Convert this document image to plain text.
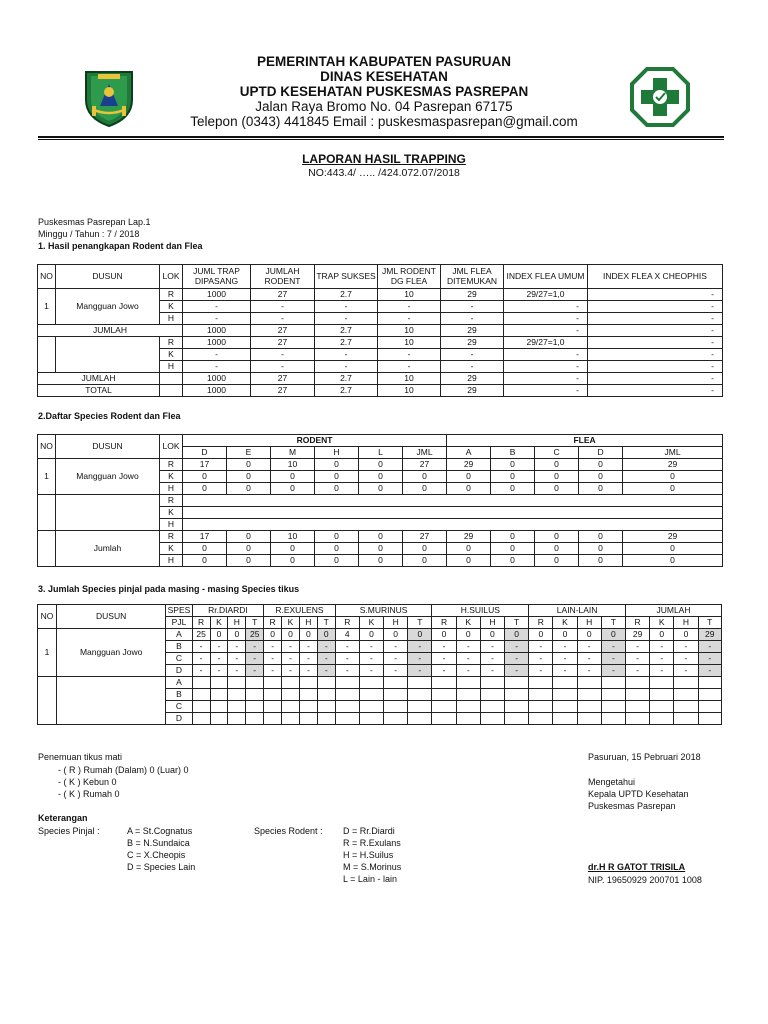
PEMERINTAH KABUPATEN PASURUAN
DINAS KESEHATAN
UPTD KESEHATAN PUSKESMAS PASREPAN
Jalan Raya Bromo No. 04 Pasrepan 67175
Telepon (0343) 441845 Email : puskesmaspasrepan@gmail.com
LAPORAN HASIL TRAPPING
NO:443.4/ ….. /424.072.07/2018
Puskesmas Pasrepan Lap.1
Minggu / Tahun : 7 / 2018
1. Hasil penangkapan Rodent dan Flea
NO	DUSUN	LOK	JUML TRAP DIPASANG	JUMLAH RODENT	TRAP SUKSES	JML RODENT DG FLEA	JML FLEA DITEMUKAN	INDEX FLEA UMUM	INDEX FLEA X CHEOPHIS
1	Mangguan Jowo	R	1000	27	2.7	10	29	29/27=1,0	-
		K	-	-	-	-	-	-	-
		H	-	-	-	-	-	-	-
JUMLAH			1000	27	2.7	10	29	-	-
		R	1000	27	2.7	10	29	29/27=1,0	-
		K	-	-	-	-	-	-	-
		H	-	-	-	-	-	-	-
JUMLAH			1000	27	2.7	10	29	-	-
TOTAL			1000	27	2.7	10	29	-	-
2.Daftar Species Rodent dan Flea
NO	DUSUN	LOK	RODENT						FLEA				
			D	E	M	H	L	JML	A	B	C	D	JML
1	Mangguan Jowo	R	17	0	10	0	0	27	29	0	0	0	29
		K	0	0	0	0	0	0	0	0	0	0	0
		H	0	0	0	0	0	0	0	0	0	0	0
		R											
		K											
		H											
	Jumlah	R	17	0	10	0	0	27	29	0	0	0	29
		K	0	0	0	0	0	0	0	0	0	0	0
		H	0	0	0	0	0	0	0	0	0	0	0
3. Jumlah Species pinjal pada masing - masing Species tikus
NO	DUSUN	SPES	Rr.DIARDI				R.EXULENS				S.MURINUS				H.SUILUS				LAIN-LAIN				JUMLAH			
		PJL	R	K	H	T	R	K	H	T	R	K	H	T	R	K	H	T	R	K	H	T	R	K	H	T
1	Mangguan Jowo	A	25	0	0	25	0	0	0	0	4	0	0	0	0	0	0	0	0	0	0	0	29	0	0	29
		B	-	-	-	-	-	-	-	-	-	-	-	-	-	-	-	-	-	-	-	-	-	-	-	-
		C	-	-	-	-	-	-	-	-	-	-	-	-	-	-	-	-	-	-	-	-	-	-	-	-
		D	-	-	-	-	-	-	-	-	-	-	-	-	-	-	-	-	-	-	-	-	-	-	-	-
		A																								
		B																								
		C																								
		D																								
Penemuan tikus mati
- ( R ) Rumah (Dalam) 0 (Luar) 0
- ( K ) Kebun 0
- ( K ) Rumah 0
Keterangan
Species Pinjal :	A = St.Cognatus
B = N.Sundaica
C = X.Cheopis
D = Species Lain
Species Rodent : D = Rr.Diardi
R = R.Exulans
H = H.Suilus
M = S.Morinus
L = Lain - lain
Pasuruan, 15 Pebruari 2018
Mengetahui
Kepala UPTD Kesehatan
Puskesmas Pasrepan
dr.H R GATOT TRISILA
NIP. 19650929 200701 1008
